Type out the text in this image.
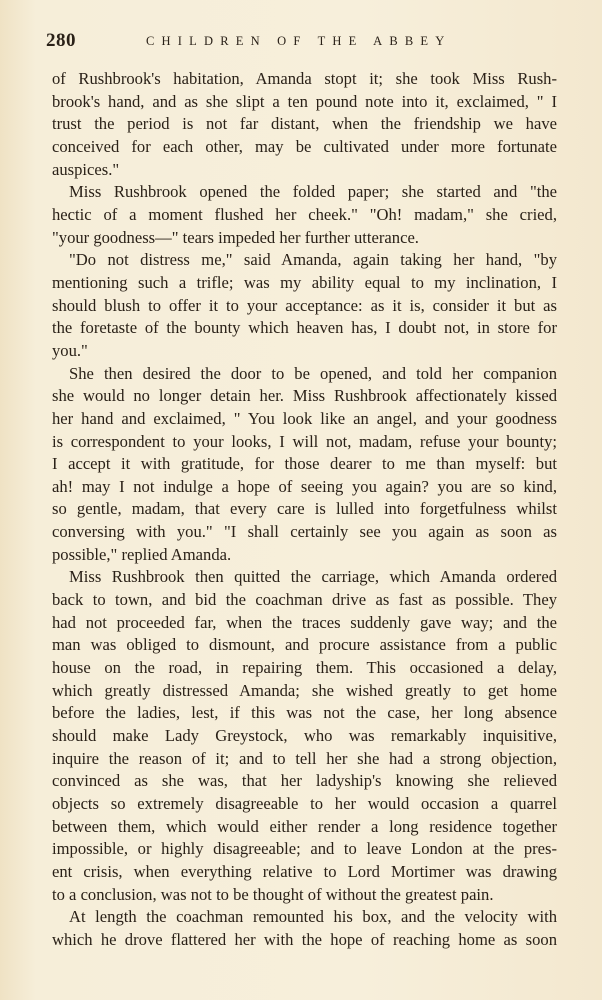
280	CHILDREN OF THE ABBEY
of Rushbrook's habitation, Amanda stopt it; she took Miss Rush-
brook's hand, and as she slipt a ten pound note into it, exclaimed, " I
trust the period is not far distant, when the friendship we have
conceived for each other, may be cultivated under more fortunate
auspices."
Miss Rushbrook opened the folded paper; she started and "the
hectic of a moment flushed her cheek." "Oh! madam," she cried,
"your goodness—" tears impeded her further utterance.
"Do not distress me," said Amanda, again taking her hand, "by
mentioning such a trifle; was my ability equal to my inclination, I
should blush to offer it to your acceptance: as it is, consider it but as
the foretaste of the bounty which heaven has, I doubt not, in store for
you."
She then desired the door to be opened, and told her companion
she would no longer detain her. Miss Rushbrook affectionately kissed
her hand and exclaimed, " You look like an angel, and your goodness
is correspondent to your looks, I will not, madam, refuse your bounty;
I accept it with gratitude, for those dearer to me than myself: but
ah! may I not indulge a hope of seeing you again? you are so kind,
so gentle, madam, that every care is lulled into forgetfulness whilst
conversing with you." "I shall certainly see you again as soon as
possible," replied Amanda.
Miss Rushbrook then quitted the carriage, which Amanda ordered
back to town, and bid the coachman drive as fast as possible. They
had not proceeded far, when the traces suddenly gave way; and the
man was obliged to dismount, and procure assistance from a public
house on the road, in repairing them. This occasioned a delay,
which greatly distressed Amanda; she wished greatly to get home
before the ladies, lest, if this was not the case, her long absence
should make Lady Greystock, who was remarkably inquisitive,
inquire the reason of it; and to tell her she had a strong objection,
convinced as she was, that her ladyship's knowing she relieved
objects so extremely disagreeable to her would occasion a quarrel
between them, which would either render a long residence together
impossible, or highly disagreeable; and to leave London at the pres-
ent crisis, when everything relative to Lord Mortimer was drawing
to a conclusion, was not to be thought of without the greatest pain.
At length the coachman remounted his box, and the velocity with
which he drove flattered her with the hope of reaching home as soon
